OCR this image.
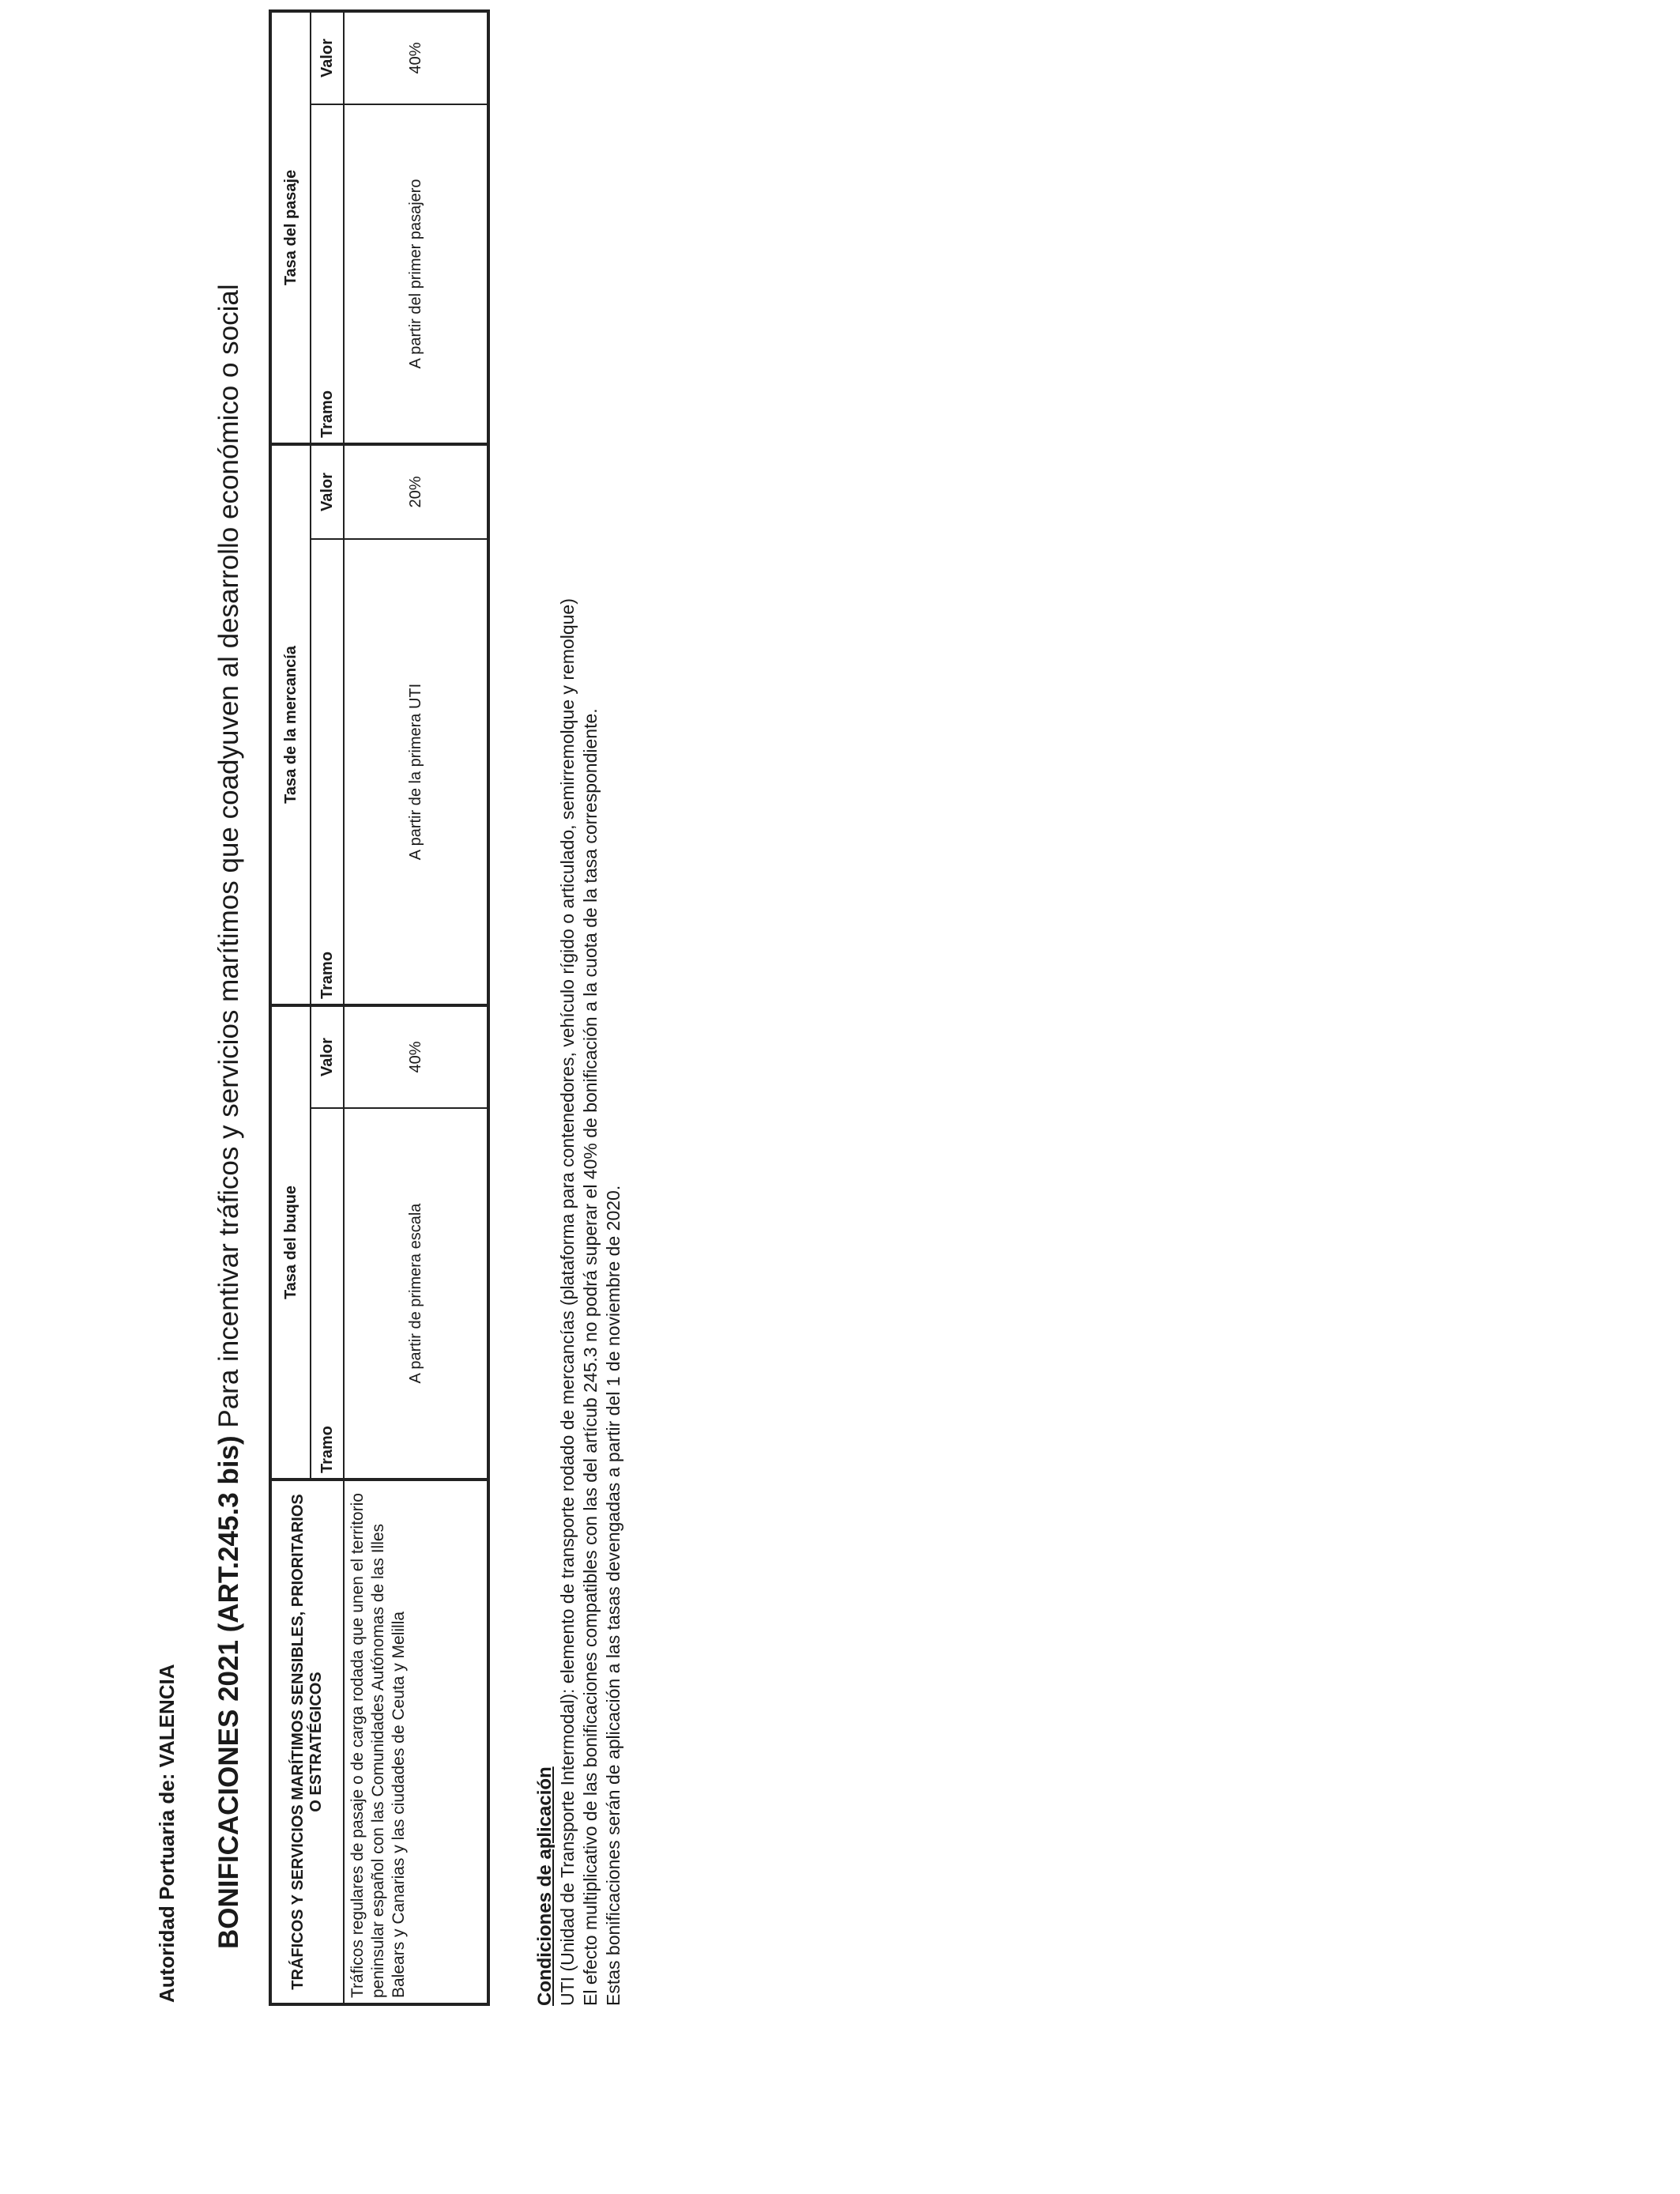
Autoridad Portuaria de: VALENCIA BONIFICACIONES 2021 (ART.245.3 bis) Para incentivar tráficos y servicios marítimos que coadyuven al desarrollo económico o social
TRÁFICOS Y SERVICIOS MARÍTIMOS SENSIBLES, PRIORITARIOS O ESTRATÉGICOS	Tasa del buque		Tasa de la mercancía		Tasa del pasaje	
	Tramo	Valor	Tramo	Valor	Tramo	Valor
Tráficos regulares de pasaje o de carga rodada que unen el territorio peninsular español con las Comunidades Autónomas de las Illes Balears y Canarias y las ciudades de Ceuta y Melilla	A partir de primera escala	40%	A partir de la primera UTI	20%	A partir del primer pasajero	40%

Condiciones de aplicación UTI (Unidad de Transporte Intermodal): elemento de transporte rodado de mercancías (plataforma para contenedores, vehículo rígido o articulado, semirremolque y remolque) El efecto multiplicativo de las bonificaciones compatibles con las del artícub 245.3 no podrá superar el 40% de bonificación a la cuota de la tasa correspondiente. Estas bonificaciones serán de aplicación a las tasas devengadas a partir del 1 de noviembre de 2020.
